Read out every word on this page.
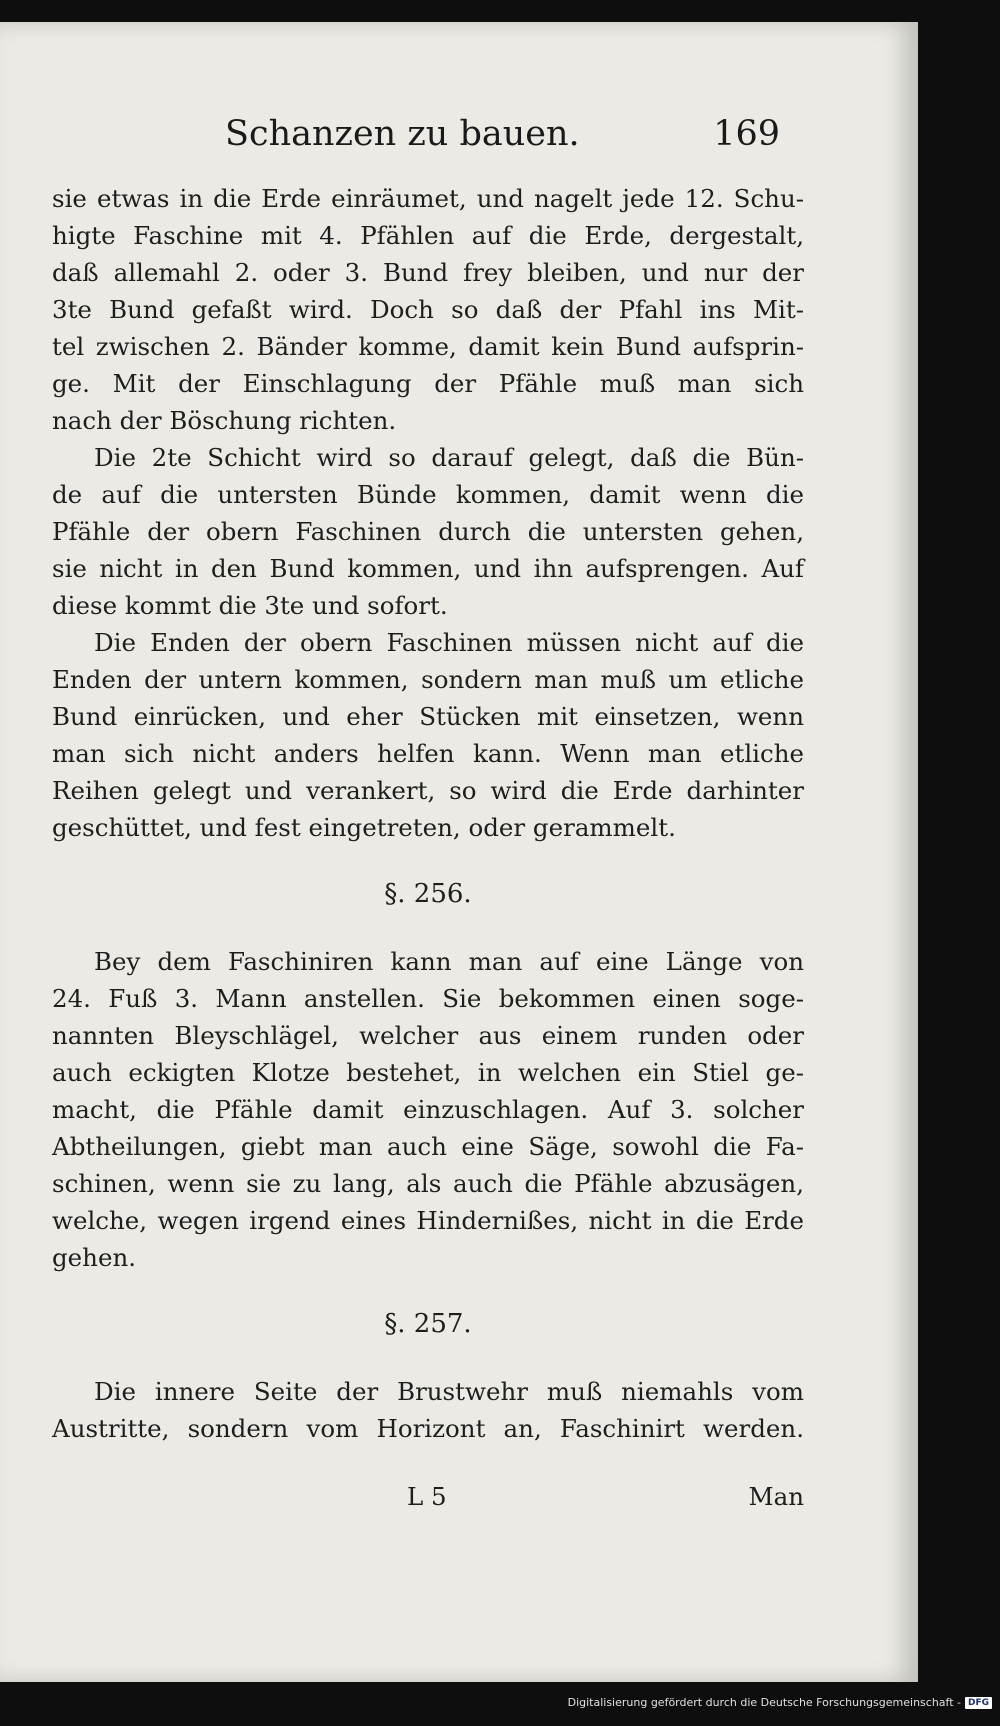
Schanzen zu bauen.	169
sie etwas in die Erde einräumet, und nagelt jede 12. Schu-
higte Faschine mit 4. Pfählen auf die Erde, dergestalt,
daß allemahl 2. oder 3. Bund frey bleiben, und nur der
3te Bund gefaßt wird. Doch so daß der Pfahl ins Mit-
tel zwischen 2. Bänder komme, damit kein Bund aufsprin-
ge. Mit der Einschlagung der Pfähle muß man sich
nach der Böschung richten.
Die 2te Schicht wird so darauf gelegt, daß die Bün-
de auf die untersten Bünde kommen, damit wenn die
Pfähle der obern Faschinen durch die untersten gehen,
sie nicht in den Bund kommen, und ihn aufsprengen. Auf
diese kommt die 3te und sofort.
Die Enden der obern Faschinen müssen nicht auf die
Enden der untern kommen, sondern man muß um etliche
Bund einrücken, und eher Stücken mit einsetzen, wenn
man sich nicht anders helfen kann. Wenn man etliche
Reihen gelegt und verankert, so wird die Erde darhinter
geschüttet, und fest eingetreten, oder gerammelt.
§. 256.
Bey dem Faschiniren kann man auf eine Länge von
24. Fuß 3. Mann anstellen. Sie bekommen einen soge-
nannten Bleyschlägel, welcher aus einem runden oder
auch eckigten Klotze bestehet, in welchen ein Stiel ge-
macht, die Pfähle damit einzuschlagen. Auf 3. solcher
Abtheilungen, giebt man auch eine Säge, sowohl die Fa-
schinen, wenn sie zu lang, als auch die Pfähle abzusägen,
welche, wegen irgend eines Hindernißes, nicht in die Erde
gehen.
§. 257.
Die innere Seite der Brustwehr muß niemahls vom
Austritte, sondern vom Horizont an, Faschinirt werden.
L 5	Man
Digitalisierung gefördert durch die Deutsche Forschungsgemeinschaft - DFG
